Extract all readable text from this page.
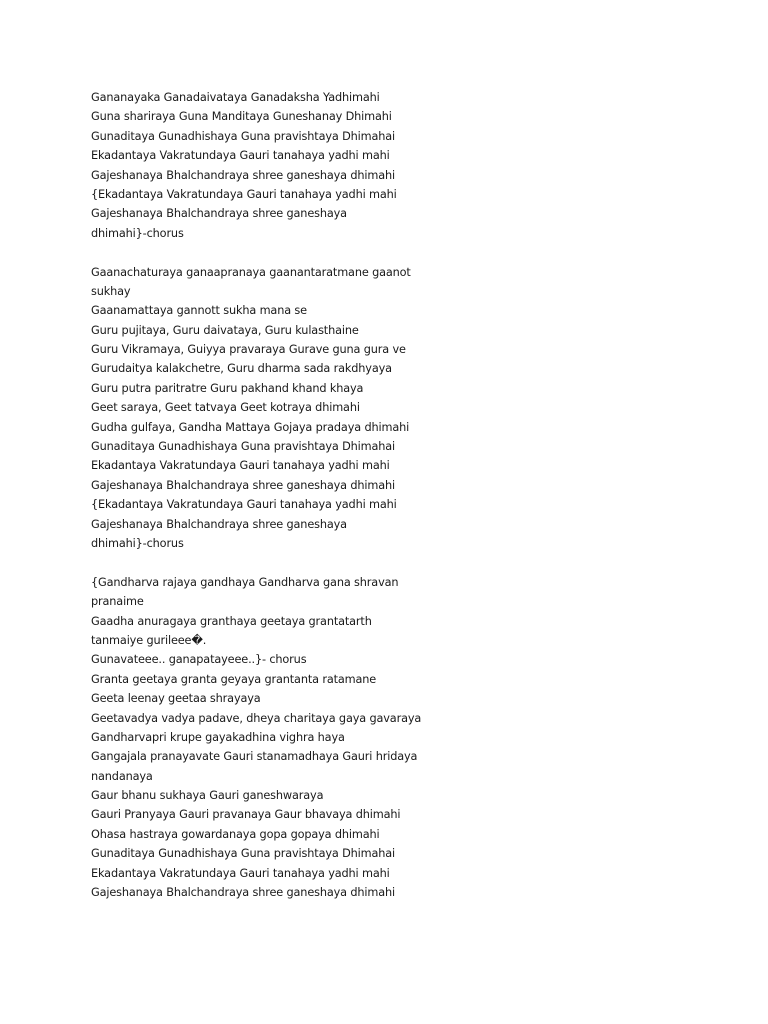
Gananayaka Ganadaivataya Ganadaksha Yadhimahi
Guna shariraya Guna Manditaya Guneshanay Dhimahi
Gunaditaya Gunadhishaya Guna pravishtaya Dhimahai
Ekadantaya Vakratundaya Gauri tanahaya yadhi mahi
Gajeshanaya Bhalchandraya shree ganeshaya dhimahi
{Ekadantaya Vakratundaya Gauri tanahaya yadhi mahi
Gajeshanaya Bhalchandraya shree ganeshaya
dhimahi}-chorus
Gaanachaturaya ganaapranaya gaanantaratmane gaanot
sukhay
Gaanamattaya gannott sukha mana se
Guru pujitaya, Guru daivataya, Guru kulasthaine
Guru Vikramaya, Guiyya pravaraya Gurave guna gura ve
Gurudaitya kalakchetre, Guru dharma sada rakdhyaya
Guru putra paritratre Guru pakhand khand khaya
Geet saraya, Geet tatvaya Geet kotraya dhimahi
Gudha gulfaya, Gandha Mattaya Gojaya pradaya dhimahi
Gunaditaya Gunadhishaya Guna pravishtaya Dhimahai
Ekadantaya Vakratundaya Gauri tanahaya yadhi mahi
Gajeshanaya Bhalchandraya shree ganeshaya dhimahi
{Ekadantaya Vakratundaya Gauri tanahaya yadhi mahi
Gajeshanaya Bhalchandraya shree ganeshaya
dhimahi}-chorus
{Gandharva rajaya gandhaya Gandharva gana shravan
pranaime
Gaadha anuragaya granthaya geetaya grantatarth
tanmaiye gurileee�.
Gunavateee.. ganapatayeee..}- chorus
Granta geetaya granta geyaya grantanta ratamane
Geeta leenay geetaa shrayaya
Geetavadya vadya padave, dheya charitaya gaya gavaraya
Gandharvapri krupe gayakadhina vighra haya
Gangajala pranayavate Gauri stanamadhaya Gauri hridaya
nandanaya
Gaur bhanu sukhaya Gauri ganeshwaraya
Gauri Pranyaya Gauri pravanaya Gaur bhavaya dhimahi
Ohasa hastraya gowardanaya gopa gopaya dhimahi
Gunaditaya Gunadhishaya Guna pravishtaya Dhimahai
Ekadantaya Vakratundaya Gauri tanahaya yadhi mahi
Gajeshanaya Bhalchandraya shree ganeshaya dhimahi
